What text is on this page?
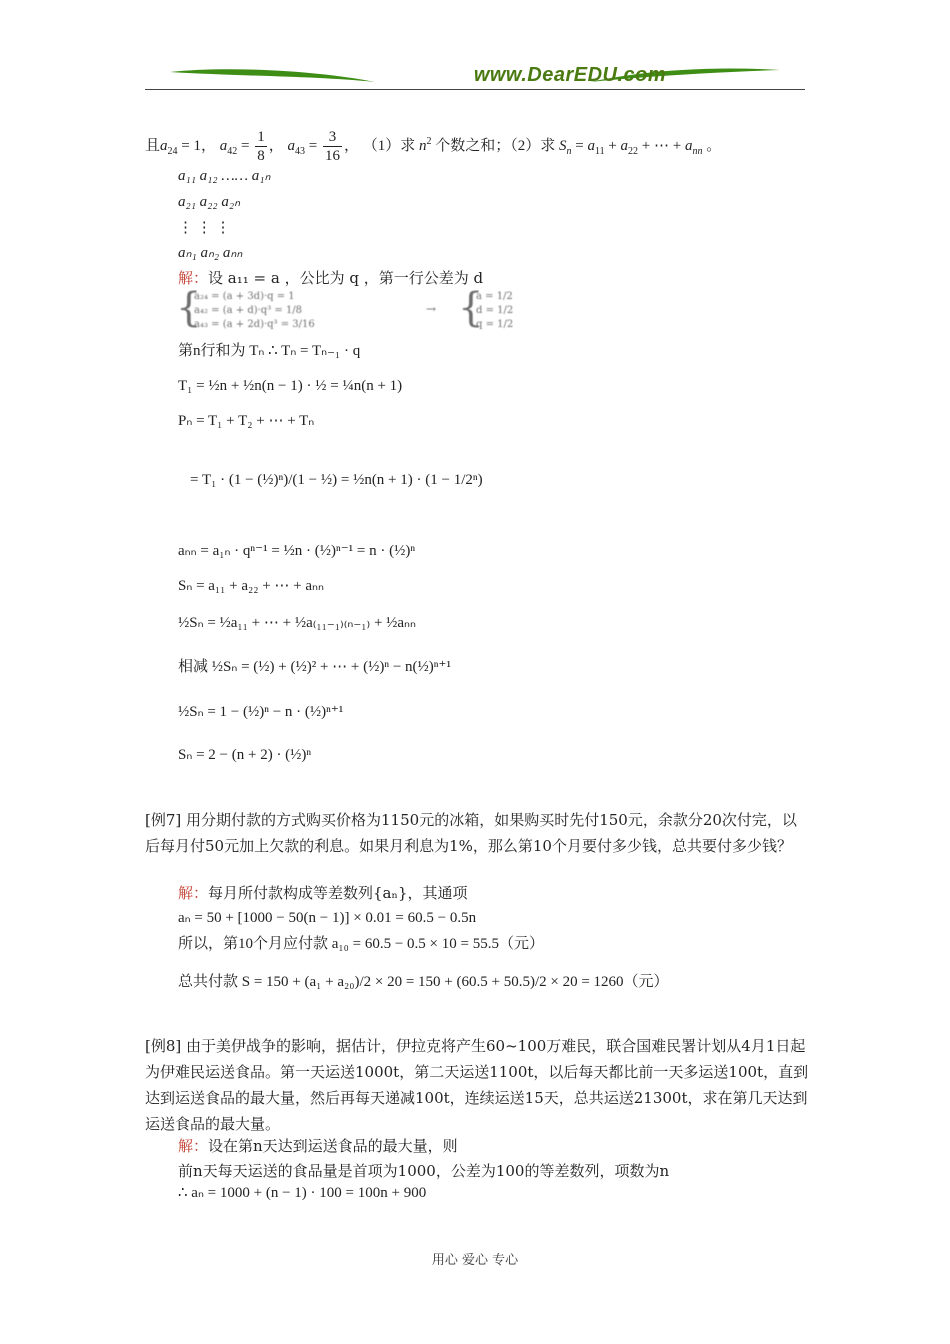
www.DearEDU.com
且$a_{24} = 1$， $a_{42} = \frac{1}{8}$ ， $a_{43} = \frac{3}{16}$ ， （1）求 $n^2$ 个数之和；（2）求 $S_n = a_{11} + a_{22}$ + ⋯ + $a_{nn}$ 。
a₁₁ a₁₂ …… a₁ₙ
a₂₁ a₂₂ a₂ₙ
⋮ ⋮ ⋮
aₙ₁ aₙ₂ aₙₙ
解：设 a₁₁ = a ，公比为 q ，第一行公差为 d
{
a₂₄ = (a + 3d)·q = 1
a₄₂ = (a + d)·q³ = 1/8
a₄₃ = (a + 2d)·q³ = 3/16
→ {
a = 1/2
d = 1/2
q = 1/2
第n行和为 Tₙ ∴ Tₙ = Tₙ₋₁ · q
T₁ = ½n + ½n(n − 1) · ½ = ¼n(n + 1)
Pₙ = T₁ + T₂ + ⋯ + Tₙ
= T₁ · (1 − (½)ⁿ)/(1 − ½) = ½n(n + 1) · (1 − 1/2ⁿ)
aₙₙ = a₁ₙ · qⁿ⁻¹ = ½n · (½)ⁿ⁻¹ = n · (½)ⁿ
Sₙ = a₁₁ + a₂₂ + ⋯ + aₙₙ
½Sₙ = ½a₁₁ + ⋯ + ½a₍₁₁₋₁₎₍ₙ₋₁₎ + ½aₙₙ
相减 ½Sₙ = (½) + (½)² + ⋯ + (½)ⁿ − n(½)ⁿ⁺¹
½Sₙ = 1 − (½)ⁿ − n · (½)ⁿ⁺¹
Sₙ = 2 − (n + 2) · (½)ⁿ
[例7] 用分期付款的方式购买价格为1150元的冰箱，如果购买时先付150元，余款分20次付完，以后每月付50元加上欠款的利息。如果月利息为1%，那么第10个月要付多少钱，总共要付多少钱？
解：每月所付款构成等差数列{aₙ}，其通项
aₙ = 50 + [1000 − 50(n − 1)] × 0.01 = 60.5 − 0.5n
所以，第10个月应付款 a₁₀ = 60.5 − 0.5 × 10 = 55.5（元）
总共付款 S = 150 + (a₁ + a₂₀)/2 × 20 = 150 + (60.5 + 50.5)/2 × 20 = 1260（元）
[例8] 由于美伊战争的影响，据估计，伊拉克将产生60~100万难民，联合国难民署计划从4月1日起为伊难民运送食品。第一天运送1000t，第二天运送1100t，以后每天都比前一天多运送100t，直到达到运送食品的最大量，然后再每天递减100t，连续运送15天，总共运送21300t，求在第几天达到运送食品的最大量。
解：设在第n天达到运送食品的最大量，则
前n天每天运送的食品量是首项为1000，公差为100的等差数列，项数为n
∴ aₙ = 1000 + (n − 1) · 100 = 100n + 900
用心 爱心 专心
